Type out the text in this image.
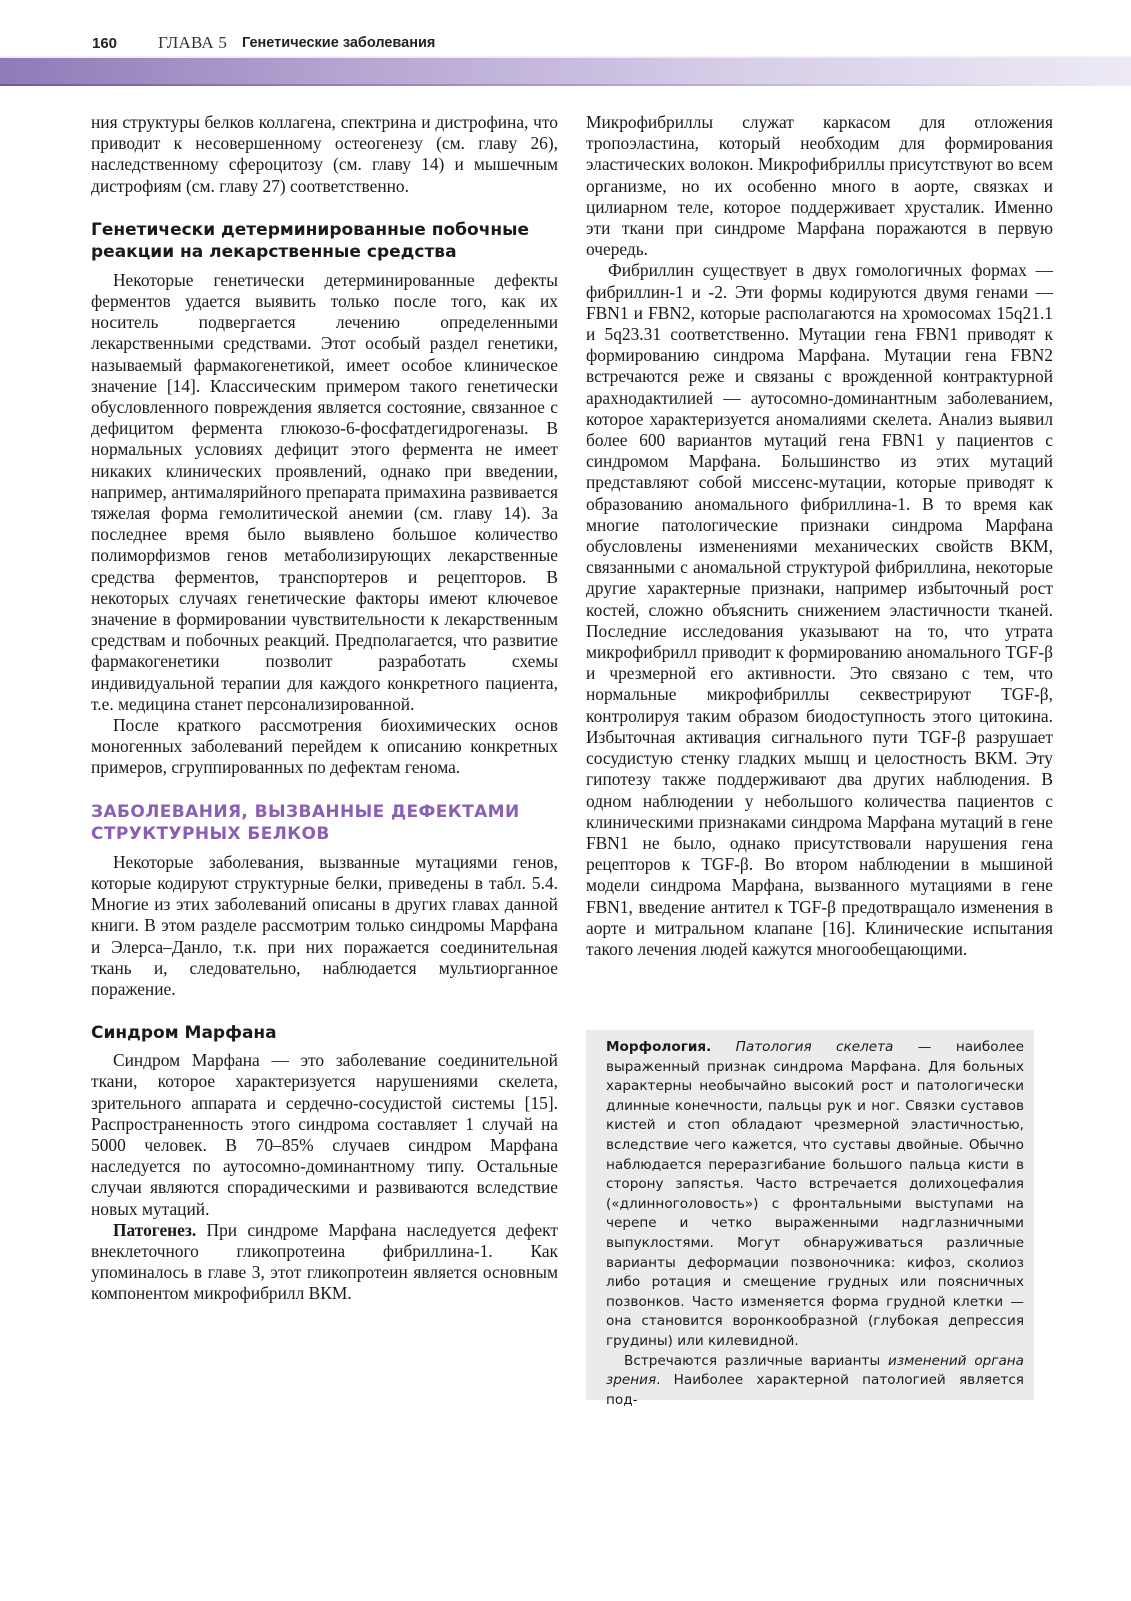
160 ГЛАВА 5 Генетические заболевания

ния структуры белков коллагена, спектрина и дистрофина, что приводит к несовершенному остеогенезу (см. главу 26), наследственному сфероцитозу (см. главу 14) и мышечным дистрофиям (см. главу 27) соответственно.

Генетически детерминированные побочные реакции на лекарственные средства

Некоторые генетически детерминированные дефекты ферментов удается выявить только после того, как их носитель подвергается лечению определенными лекарственными средствами. Этот особый раздел генетики, называемый фармакогенетикой, имеет особое клиническое значение [14]. Классическим примером такого генетически обусловленного повреждения является состояние, связанное с дефицитом фермента глюкозо-6-фосфатдегидрогеназы. В нормальных условиях дефицит этого фермента не имеет никаких клинических проявлений, однако при введении, например, антималярийного препарата примахина развивается тяжелая форма гемолитической анемии (см. главу 14). За последнее время было выявлено большое количество полиморфизмов генов метаболизирующих лекарственные средства ферментов, транспортеров и рецепторов. В некоторых случаях генетические факторы имеют ключевое значение в формировании чувствительности к лекарственным средствам и побочных реакций. Предполагается, что развитие фармакогенетики позволит разработать схемы индивидуальной терапии для каждого конкретного пациента, т.е. медицина станет персонализированной.

После краткого рассмотрения биохимических основ моногенных заболеваний перейдем к описанию конкретных примеров, сгруппированных по дефектам генома.

ЗАБОЛЕВАНИЯ, ВЫЗВАННЫЕ ДЕФЕКТАМИ СТРУКТУРНЫХ БЕЛКОВ

Некоторые заболевания, вызванные мутациями генов, которые кодируют структурные белки, приведены в табл. 5.4. Многие из этих заболеваний описаны в других главах данной книги. В этом разделе рассмотрим только синдромы Марфана и Элерса–Данло, т.к. при них поражается соединительная ткань и, следовательно, наблюдается мультиорганное поражение.

Синдром Марфана

Синдром Марфана — это заболевание соединительной ткани, которое характеризуется нарушениями скелета, зрительного аппарата и сердечно-сосудистой системы [15]. Распространенность этого синдрома составляет 1 случай на 5000 человек. В 70–85% случаев синдром Марфана наследуется по аутосомно-доминантному типу. Остальные случаи являются спорадическими и развиваются вследствие новых мутаций.

Патогенез. При синдроме Марфана наследуется дефект внеклеточного гликопротеина фибриллина-1. Как упоминалось в главе 3, этот гликопротеин является основным компонентом микрофибрилл ВКМ.

Микрофибриллы служат каркасом для отложения тропоэластина, который необходим для формирования эластических волокон. Микрофибриллы присутствуют во всем организме, но их особенно много в аорте, связках и цилиарном теле, которое поддерживает хрусталик. Именно эти ткани при синдроме Марфана поражаются в первую очередь.

Фибриллин существует в двух гомологичных формах — фибриллин-1 и -2. Эти формы кодируются двумя генами — FBN1 и FBN2, которые располагаются на хромосомах 15q21.1 и 5q23.31 соответственно. Мутации гена FBN1 приводят к формированию синдрома Марфана. Мутации гена FBN2 встречаются реже и связаны с врожденной контрактурной арахнодактилией — аутосомно-доминантным заболеванием, которое характеризуется аномалиями скелета. Анализ выявил более 600 вариантов мутаций гена FBN1 у пациентов с синдромом Марфана. Большинство из этих мутаций представляют собой миссенс-мутации, которые приводят к образованию аномального фибриллина-1. В то время как многие патологические признаки синдрома Марфана обусловлены изменениями механических свойств ВКМ, связанными с аномальной структурой фибриллина, некоторые другие характерные признаки, например избыточный рост костей, сложно объяснить снижением эластичности тканей. Последние исследования указывают на то, что утрата микрофибрилл приводит к формированию аномального TGF-β и чрезмерной его активности. Это связано с тем, что нормальные микрофибриллы секвестрируют TGF-β, контролируя таким образом биодоступность этого цитокина. Избыточная активация сигнального пути TGF-β разрушает сосудистую стенку гладких мышц и целостность ВКМ. Эту гипотезу также поддерживают два других наблюдения. В одном наблюдении у небольшого количества пациентов с клиническими признаками синдрома Марфана мутаций в гене FBN1 не было, однако присутствовали нарушения гена рецепторов к TGF-β. Во втором наблюдении в мышиной модели синдрома Марфана, вызванного мутациями в гене FBN1, введение антител к TGF-β предотвращало изменения в аорте и митральном клапане [16]. Клинические испытания такого лечения людей кажутся многообещающими.

Морфология. Патология скелета — наиболее выраженный признак синдрома Марфана. Для больных характерны необычайно высокий рост и патологически длинные конечности, пальцы рук и ног. Связки суставов кистей и стоп обладают чрезмерной эластичностью, вследствие чего кажется, что суставы двойные. Обычно наблюдается переразгибание большого пальца кисти в сторону запястья. Часто встречается долихоцефалия («длинноголовость») с фронтальными выступами на черепе и четко выраженными надглазничными выпуклостями. Могут обнаруживаться различные варианты деформации позвоночника: кифоз, сколиоз либо ротация и смещение грудных или поясничных позвонков. Часто изменяется форма грудной клетки — она становится воронкообразной (глубокая депрессия грудины) или килевидной.

Встречаются различные варианты изменений органа зрения. Наиболее характерной патологией является под-
